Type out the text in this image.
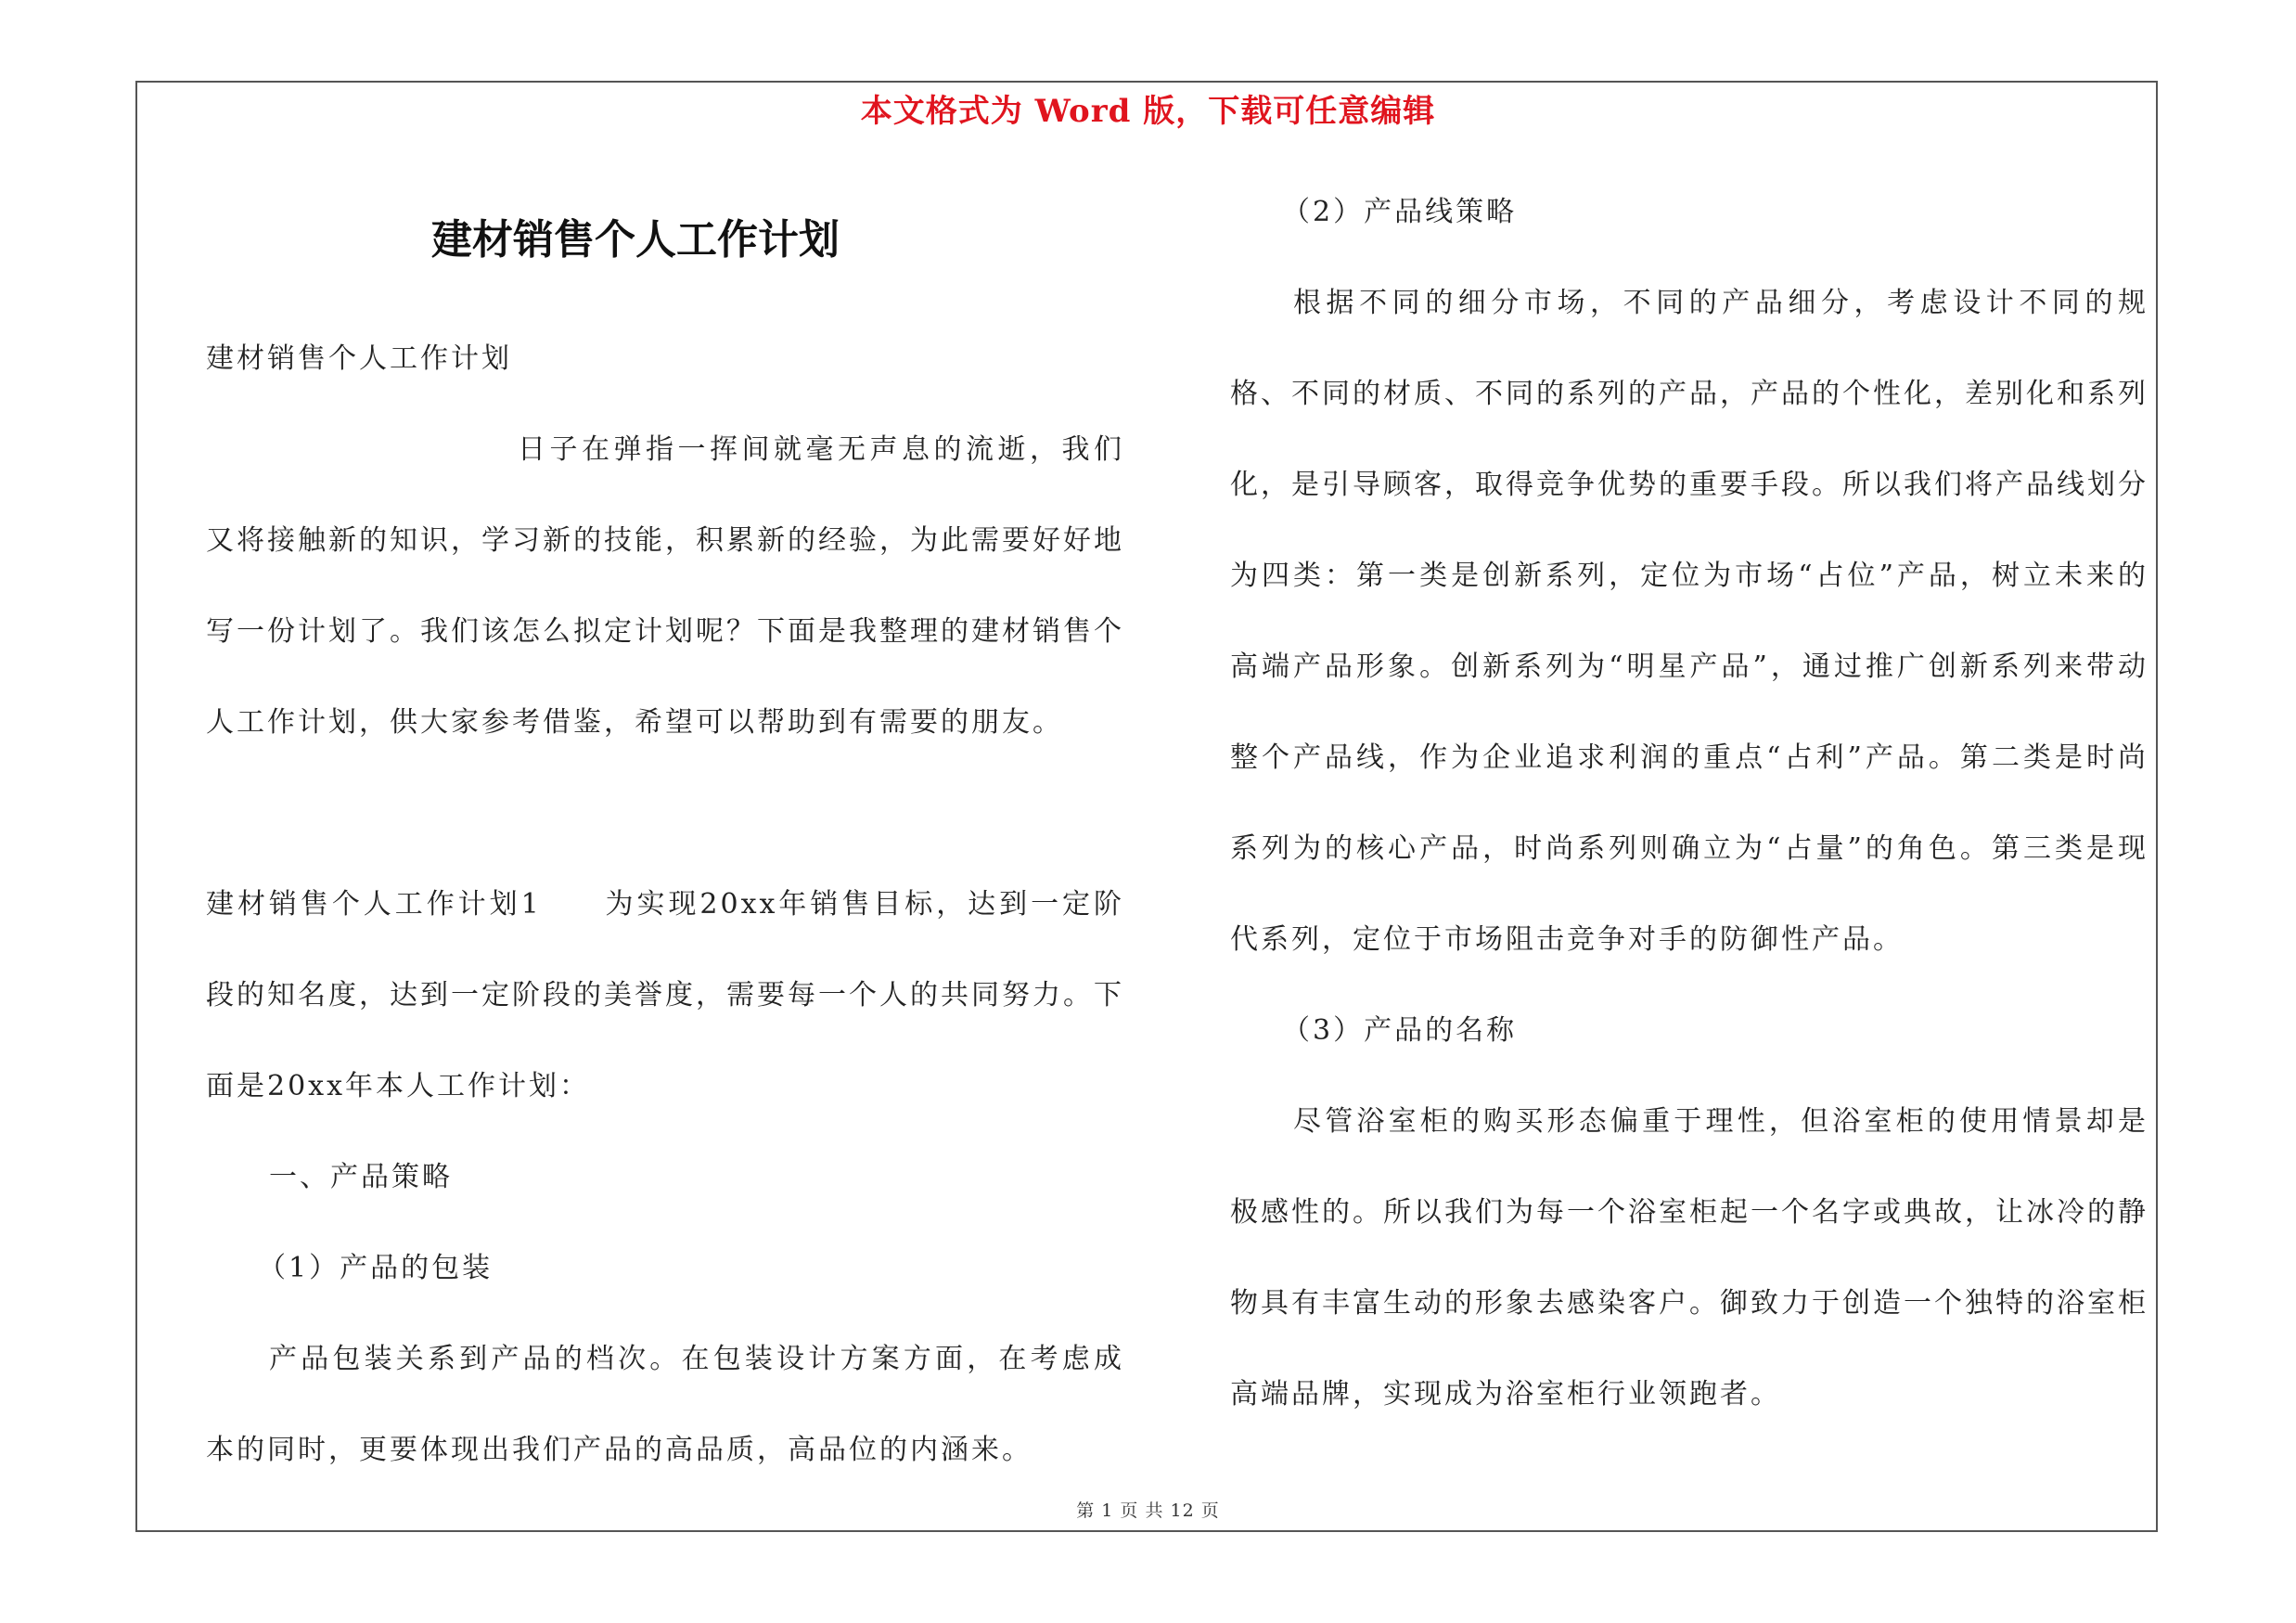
本文格式为 Word 版，下载可任意编辑
建材销售个人工作计划

建材销售个人工作计划

日子在弹指一挥间就毫无声息的流逝，我们又将接触新的知识，学习新的技能，积累新的经验，为此需要好好地写一份计划了。我们该怎么拟定计划呢？下面是我整理的建材销售个人工作计划，供大家参考借鉴，希望可以帮助到有需要的朋友。

建材销售个人工作计划1　　为实现20xx年销售目标，达到一定阶段的知名度，达到一定阶段的美誉度，需要每一个人的共同努力。下面是20xx年本人工作计划：

一、产品策略

（1）产品的包装

产品包装关系到产品的档次。在包装设计方案方面，在考虑成本的同时，更要体现出我们产品的高品质，高品位的内涵来。

（2）产品线策略

根据不同的细分市场，不同的产品细分，考虑设计不同的规格、不同的材质、不同的系列的产品，产品的个性化，差别化和系列化，是引导顾客，取得竞争优势的重要手段。所以我们将产品线划分为四类：第一类是创新系列，定位为市场“占位”产品，树立未来的高端产品形象。创新系列为“明星产品”，通过推广创新系列来带动整个产品线，作为企业追求利润的重点“占利”产品。第二类是时尚系列为的核心产品，时尚系列则确立为“占量”的角色。第三类是现代系列，定位于市场阻击竞争对手的防御性产品。

（3）产品的名称

尽管浴室柜的购买形态偏重于理性，但浴室柜的使用情景却是极感性的。所以我们为每一个浴室柜起一个名字或典故，让冰冷的静物具有丰富生动的形象去感染客户。御致力于创造一个独特的浴室柜高端品牌，实现成为浴室柜行业领跑者。

第 1 页 共 12 页
